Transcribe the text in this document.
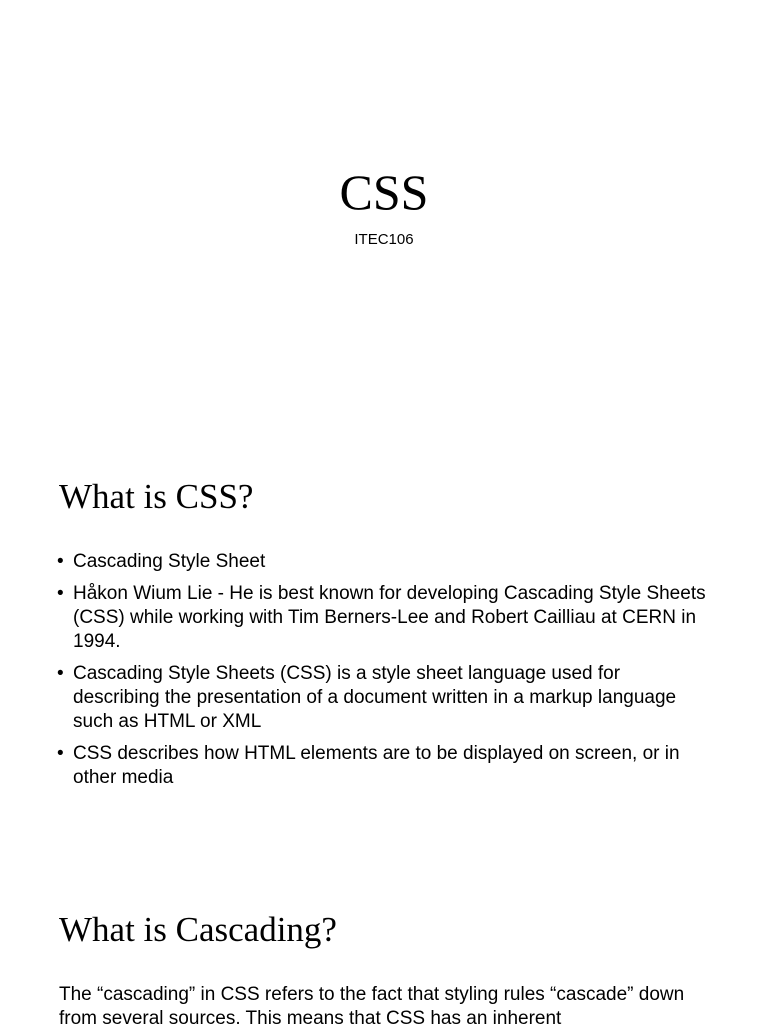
CSS
ITEC106
What is CSS?
• Cascading Style Sheet
• Håkon Wium Lie - He is best known for developing Cascading Style Sheets (CSS) while working with Tim Berners-Lee and Robert Cailliau at CERN in 1994.
• Cascading Style Sheets (CSS) is a style sheet language used for describing the presentation of a document written in a markup language such as HTML or XML
• CSS describes how HTML elements are to be displayed on screen, or in other media
What is Cascading?

The “cascading” in CSS refers to the fact that styling rules “cascade” down from several sources. This means that CSS has an inherent
